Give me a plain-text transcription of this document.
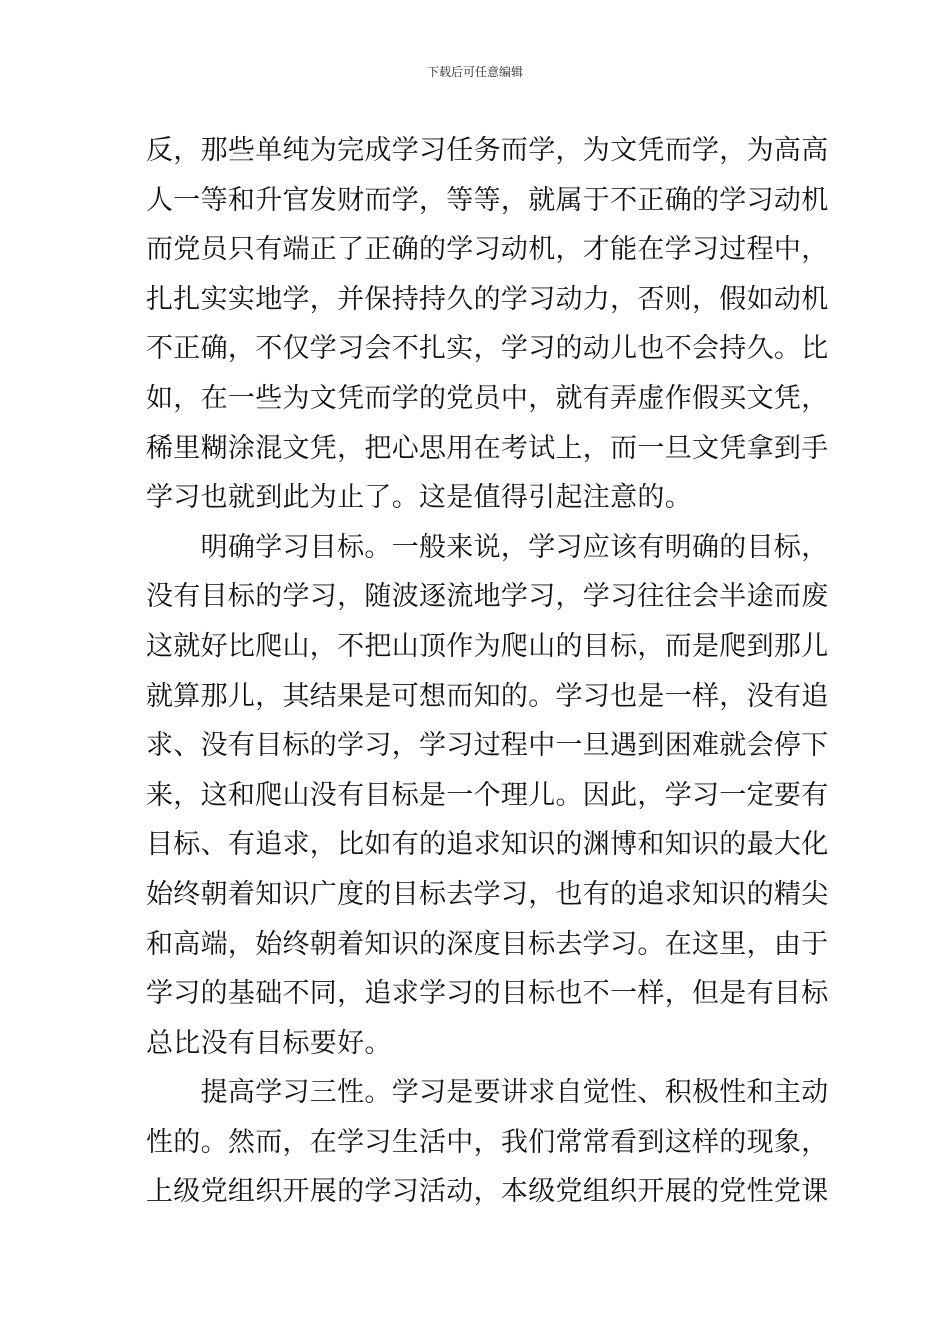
下载后可任意编辑
反，那些单纯为完成学习任务而学，为文凭而学，为高高
人一等和升官发财而学，等等，就属于不正确的学习动机
而党员只有端正了正确的学习动机，才能在学习过程中，
扎扎实实地学，并保持持久的学习动力，否则，假如动机
不正确，不仅学习会不扎实，学习的动儿也不会持久。比
如，在一些为文凭而学的党员中，就有弄虚作假买文凭，
稀里糊涂混文凭，把心思用在考试上，而一旦文凭拿到手
学习也就到此为止了。这是值得引起注意的。
　　明确学习目标。一般来说，学习应该有明确的目标，
没有目标的学习，随波逐流地学习，学习往往会半途而废
这就好比爬山，不把山顶作为爬山的目标，而是爬到那儿
就算那儿，其结果是可想而知的。学习也是一样，没有追
求、没有目标的学习，学习过程中一旦遇到困难就会停下
来，这和爬山没有目标是一个理儿。因此，学习一定要有
目标、有追求，比如有的追求知识的渊博和知识的最大化
始终朝着知识广度的目标去学习，也有的追求知识的精尖
和高端，始终朝着知识的深度目标去学习。在这里，由于
学习的基础不同，追求学习的目标也不一样，但是有目标
总比没有目标要好。
　　提高学习三性。学习是要讲求自觉性、积极性和主动
性的。然而，在学习生活中，我们常常看到这样的现象，
上级党组织开展的学习活动，本级党组织开展的党性党课
